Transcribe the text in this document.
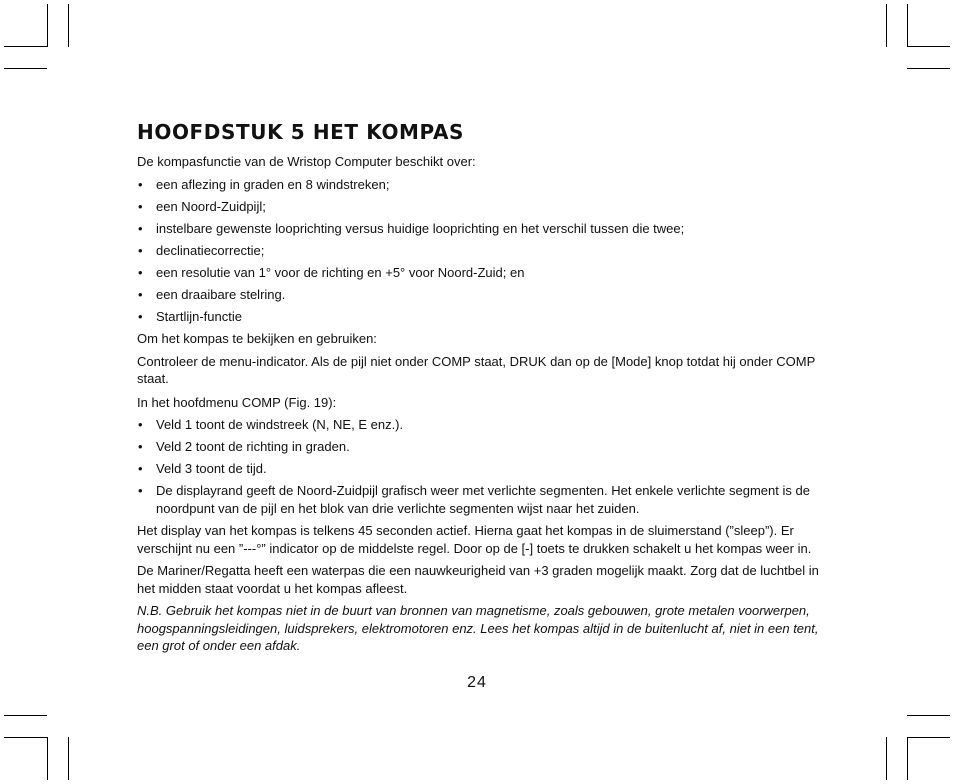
HOOFDSTUK 5 HET KOMPAS

De kompasfunctie van de Wristop Computer beschikt over:

• een aflezing in graden en 8 windstreken;
• een Noord-Zuidpijl;
• instelbare gewenste looprichting versus huidige looprichting en het verschil tussen die twee;
• declinatiecorrectie;
• een resolutie van 1° voor de richting en +5° voor Noord-Zuid; en
• een draaibare stelring.
• Startlijn-functie

Om het kompas te bekijken en gebruiken:

Controleer de menu-indicator. Als de pijl niet onder COMP staat, DRUK dan op de [Mode] knop totdat hij onder COMP staat.

In het hoofdmenu COMP (Fig. 19):

• Veld 1 toont de windstreek (N, NE, E enz.).
• Veld 2 toont de richting in graden.
• Veld 3 toont de tijd.
• De displayrand geeft de Noord-Zuidpijl grafisch weer met verlichte segmenten. Het enkele verlichte segment is de noordpunt van de pijl en het blok van drie verlichte segmenten wijst naar het zuiden.

Het display van het kompas is telkens 45 seconden actief. Hierna gaat het kompas in de sluimerstand (”sleep”). Er verschijnt nu een ”---°” indicator op de middelste regel. Door op de [-] toets te drukken schakelt u het kompas weer in.

De Mariner/Regatta heeft een waterpas die een nauwkeurigheid van +3 graden mogelijk maakt. Zorg dat de luchtbel in het midden staat voordat u het kompas afleest.

N.B. Gebruik het kompas niet in de buurt van bronnen van magnetisme, zoals gebouwen, grote metalen voorwerpen, hoogspanningsleidingen, luidsprekers, elektromotoren enz. Lees het kompas altijd in de buitenlucht af, niet in een tent, een grot of onder een afdak.

24
